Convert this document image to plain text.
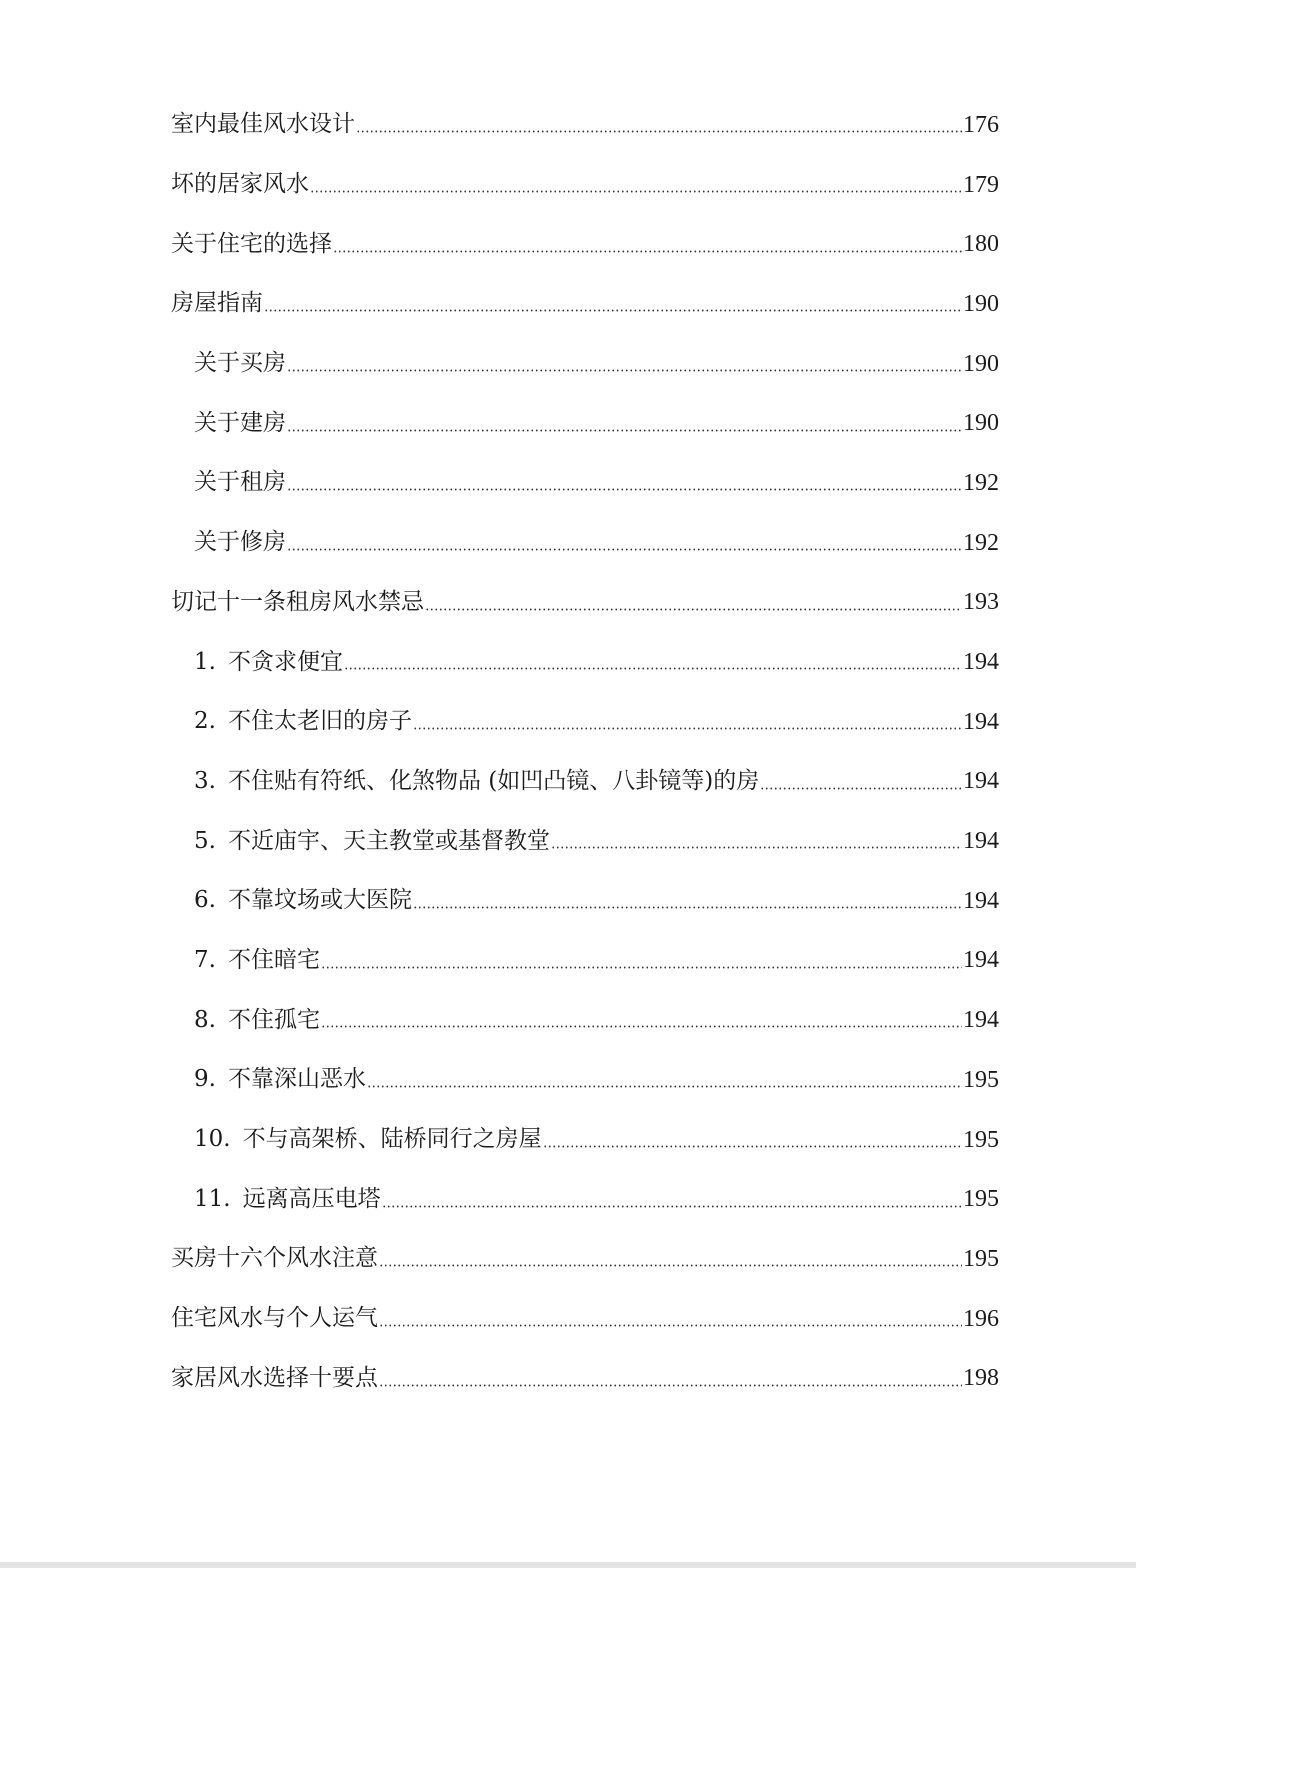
室内最佳风水设计	176
坏的居家风水	179
关于住宅的选择	180
房屋指南	190
关于买房	190
关于建房	190
关于租房	192
关于修房	192
切记十一条租房风水禁忌	193
1. 不贪求便宜	194
2. 不住太老旧的房子	194
3. 不住贴有符纸、化煞物品 (如凹凸镜、八卦镜等)的房	194
5. 不近庙宇、天主教堂或基督教堂	194
6. 不靠坟场或大医院	194
7. 不住暗宅	194
8. 不住孤宅	194
9. 不靠深山恶水	195
10. 不与高架桥、陆桥同行之房屋	195
11. 远离高压电塔	195
买房十六个风水注意	195
住宅风水与个人运气	196
家居风水选择十要点	198
